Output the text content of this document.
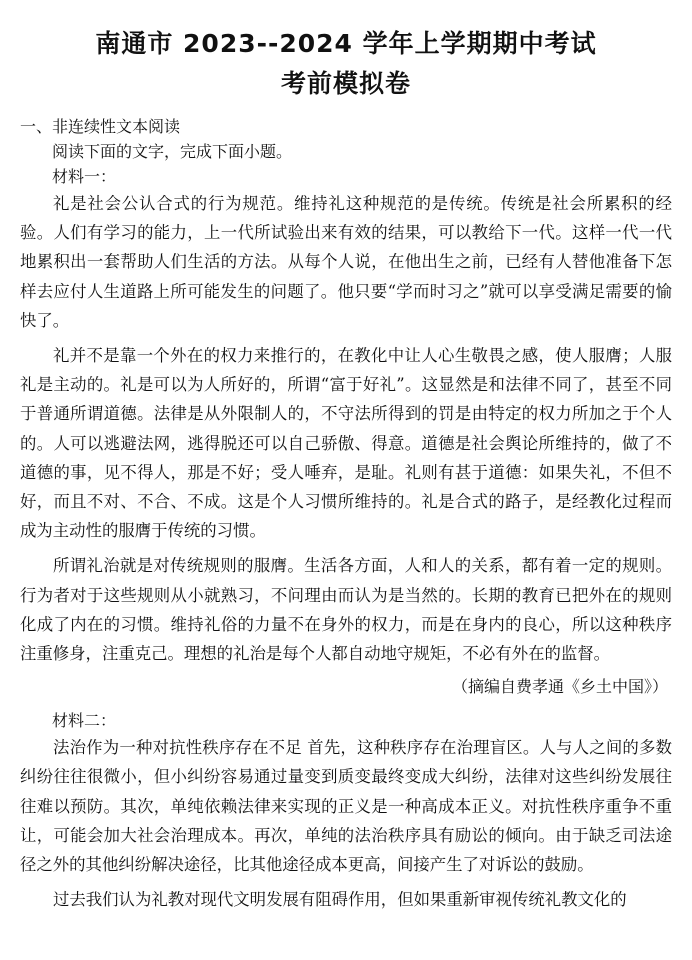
南通市 2023--2024 学年上学期期中考试
考前模拟卷

一、非连续性文本阅读

阅读下面的文字，完成下面小题。

材料一：

礼是社会公认合式的行为规范。维持礼这种规范的是传统。传统是社会所累积的经验。人们有学习的能力，上一代所试验出来有效的结果，可以教给下一代。这样一代一代地累积出一套帮助人们生活的方法。从每个人说，在他出生之前，已经有人替他准备下怎样去应付人生道路上所可能发生的问题了。他只要“学而时习之”就可以享受满足需要的愉快了。

礼并不是靠一个外在的权力来推行的，在教化中让人心生敬畏之感，使人服膺；人服礼是主动的。礼是可以为人所好的，所谓“富于好礼”。这显然是和法律不同了，甚至不同于普通所谓道德。法律是从外限制人的，不守法所得到的罚是由特定的权力所加之于个人的。人可以逃避法网，逃得脱还可以自己骄傲、得意。道德是社会舆论所维持的，做了不道德的事，见不得人，那是不好；受人唾弃，是耻。礼则有甚于道德：如果失礼，不但不好，而且不对、不合、不成。这是个人习惯所维持的。礼是合式的路子，是经教化过程而成为主动性的服膺于传统的习惯。

所谓礼治就是对传统规则的服膺。生活各方面，人和人的关系，都有着一定的规则。行为者对于这些规则从小就熟习，不问理由而认为是当然的。长期的教育已把外在的规则化成了内在的习惯。维持礼俗的力量不在身外的权力，而是在身内的良心，所以这种秩序注重修身，注重克己。理想的礼治是每个人都自动地守规矩，不必有外在的监督。

（摘编自费孝通《乡土中国》）

材料二：

法治作为一种对抗性秩序存在不足 首先，这种秩序存在治理盲区。人与人之间的多数纠纷往往很微小，但小纠纷容易通过量变到质变最终变成大纠纷，法律对这些纠纷发展往往难以预防。其次，单纯依赖法律来实现的正义是一种高成本正义。对抗性秩序重争不重让，可能会加大社会治理成本。再次，单纯的法治秩序具有励讼的倾向。由于缺乏司法途径之外的其他纠纷解决途径，比其他途径成本更高，间接产生了对诉讼的鼓励。

过去我们认为礼教对现代文明发展有阻碍作用，但如果重新审视传统礼教文化的
